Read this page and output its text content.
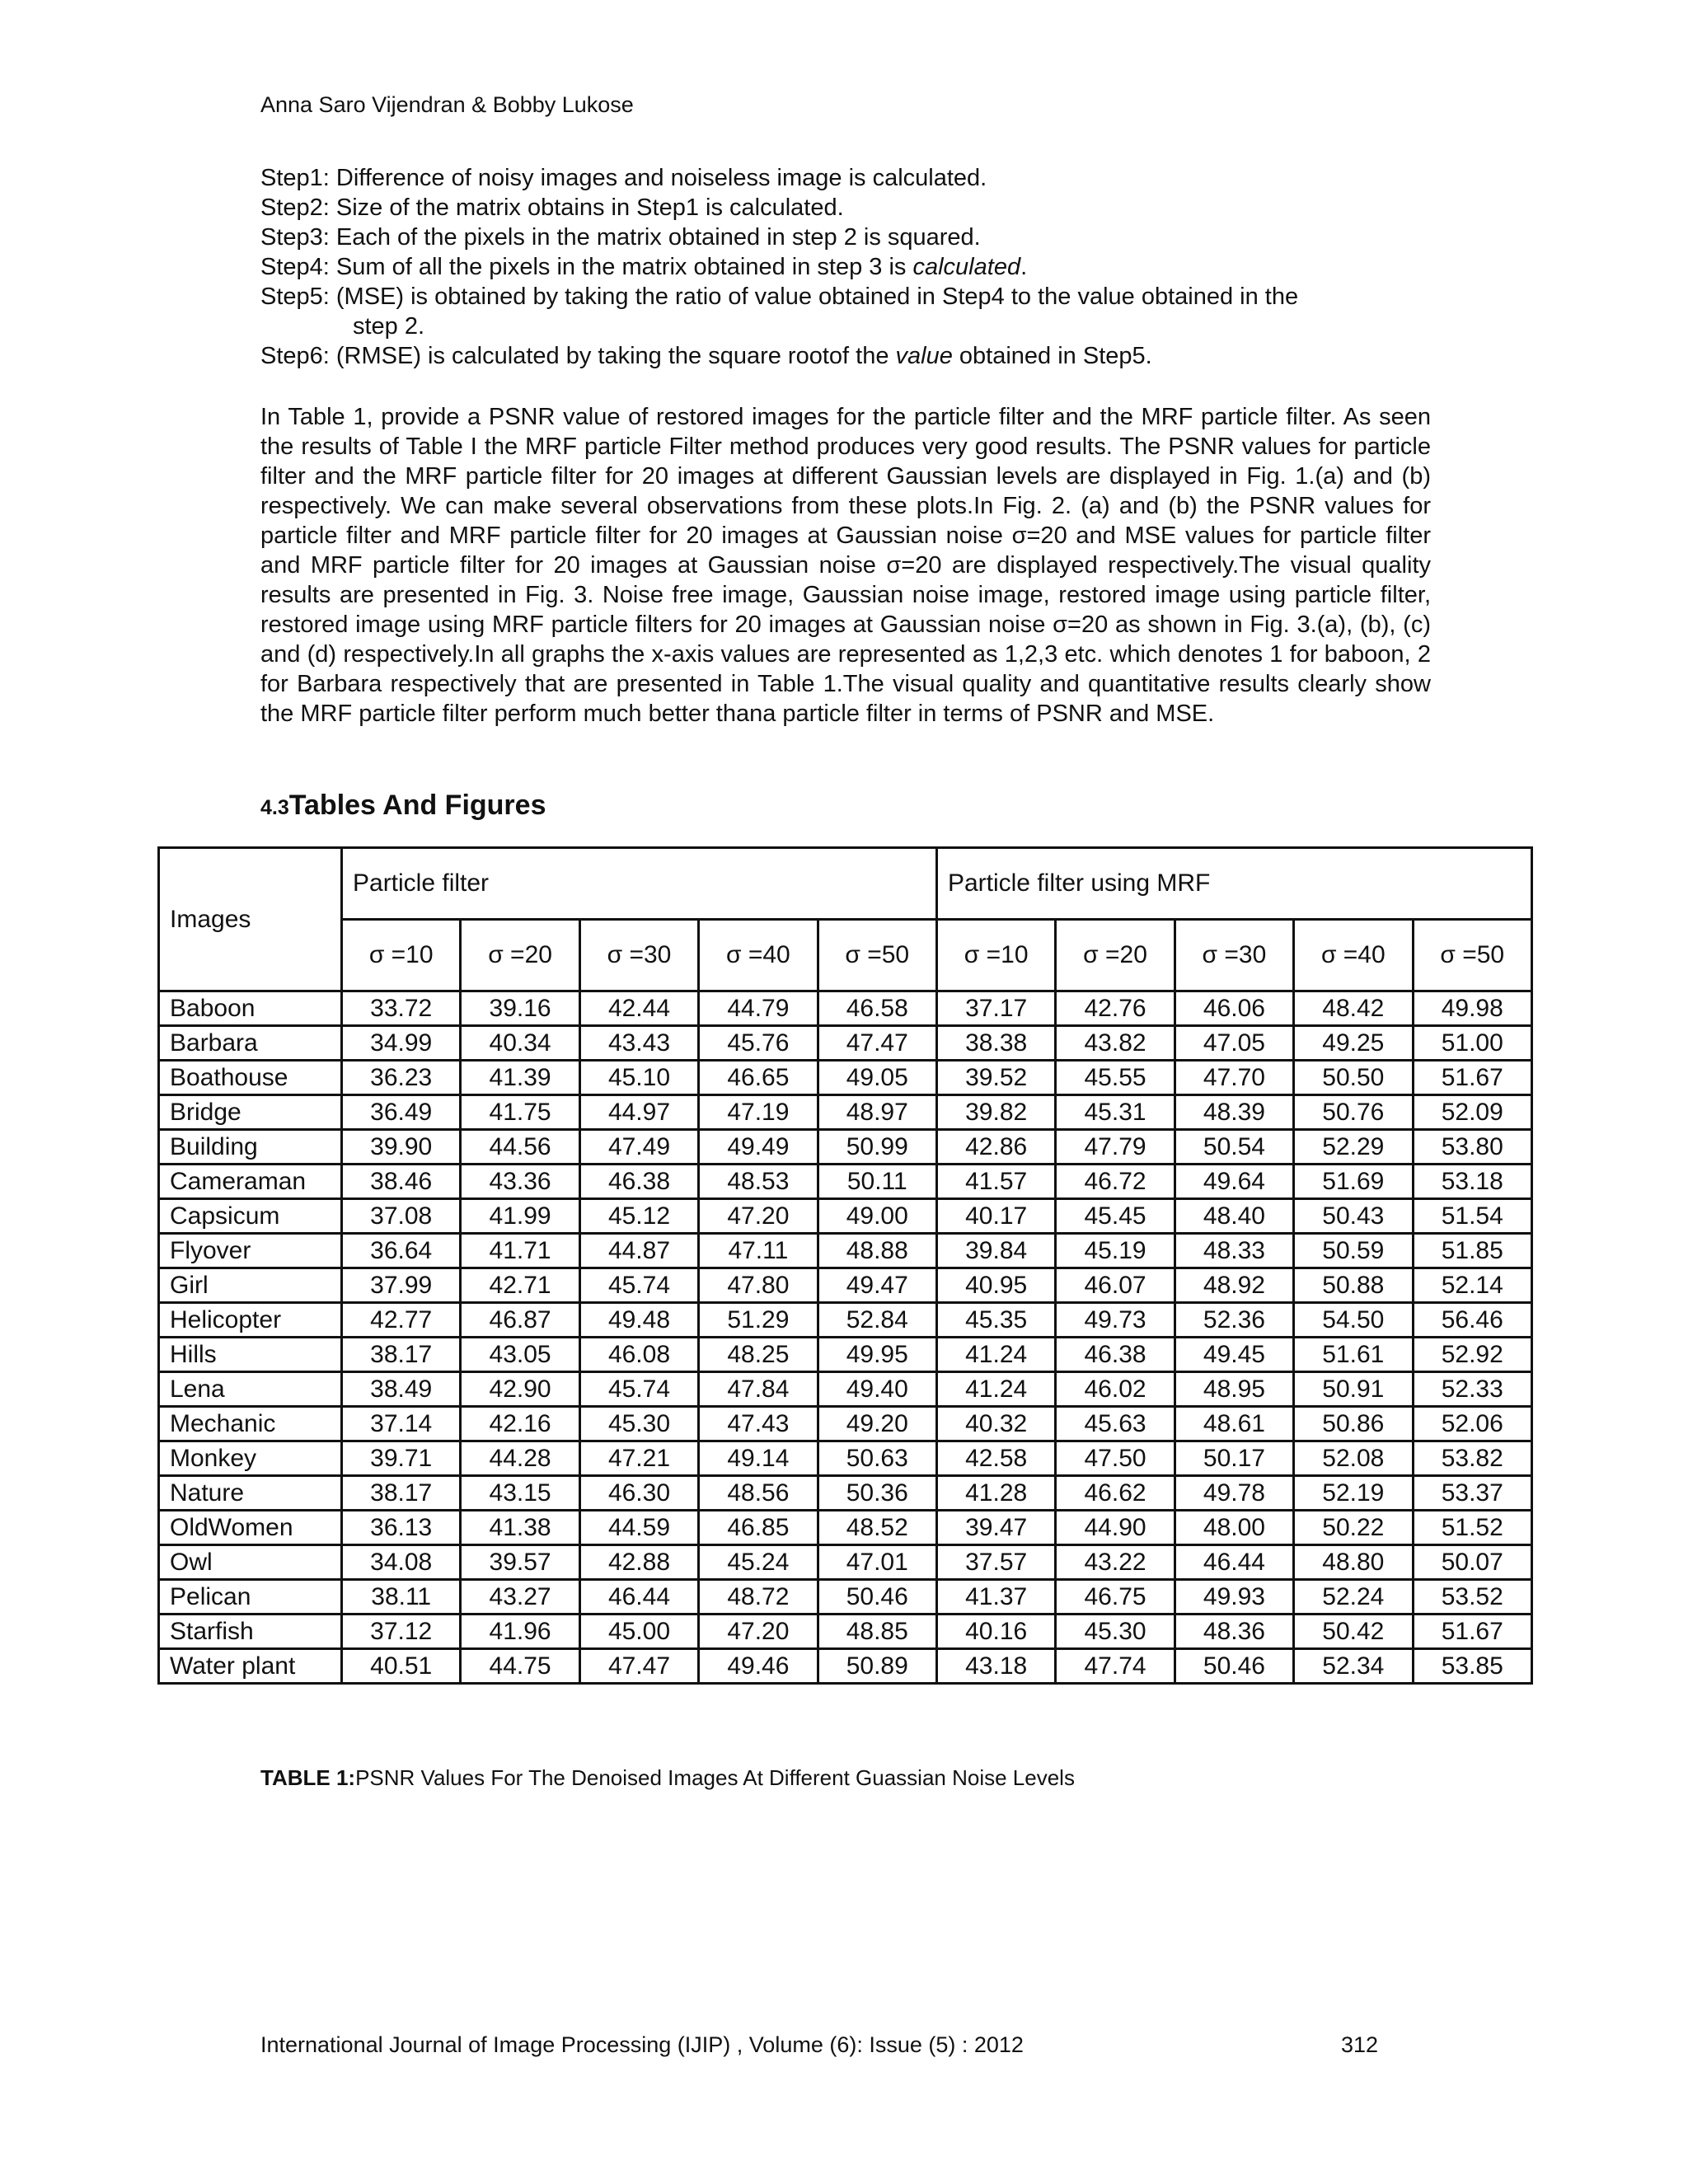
Anna Saro Vijendran & Bobby Lukose
Step1: Difference of noisy images and noiseless image is calculated.
Step2: Size of the matrix obtains in Step1 is calculated.
Step3: Each of the pixels in the matrix obtained in step 2 is squared.
Step4: Sum of all the pixels in the matrix obtained in step 3 is calculated.
Step5: (MSE) is obtained by taking the ratio of value obtained in Step4 to the value obtained in the
step 2.
Step6: (RMSE) is calculated by taking the square rootof the value obtained in Step5.

In Table 1, provide a PSNR value of restored images for the particle filter and the MRF particle filter. As seen the results of Table I the MRF particle Filter method produces very good results. The PSNR values for particle filter and the MRF particle filter for 20 images at different Gaussian levels are displayed in Fig. 1.(a) and (b) respectively. We can make several observations from these plots.In Fig. 2. (a) and (b) the PSNR values for particle filter and MRF particle filter for 20 images at Gaussian noise σ=20 and MSE values for particle filter and MRF particle filter for 20 images at Gaussian noise σ=20 are displayed respectively.The visual quality results are presented in Fig. 3. Noise free image, Gaussian noise image, restored image using particle filter, restored image using MRF particle filters for 20 images at Gaussian noise σ=20 as shown in Fig. 3.(a), (b), (c) and (d) respectively.In all graphs the x-axis values are represented as 1,2,3 etc. which denotes 1 for baboon, 2 for Barbara respectively that are presented in Table 1.The visual quality and quantitative results clearly show the MRF particle filter perform much better thana particle filter in terms of PSNR and MSE.

4.3Tables And Figures
Images	Particle filter					Particle filter using MRF				
	σ =10	σ =20	σ =30	σ =40	σ =50	σ =10	σ =20	σ =30	σ =40	σ =50
Baboon	33.72	39.16	42.44	44.79	46.58	37.17	42.76	46.06	48.42	49.98
Barbara	34.99	40.34	43.43	45.76	47.47	38.38	43.82	47.05	49.25	51.00
Boathouse	36.23	41.39	45.10	46.65	49.05	39.52	45.55	47.70	50.50	51.67
Bridge	36.49	41.75	44.97	47.19	48.97	39.82	45.31	48.39	50.76	52.09
Building	39.90	44.56	47.49	49.49	50.99	42.86	47.79	50.54	52.29	53.80
Cameraman	38.46	43.36	46.38	48.53	50.11	41.57	46.72	49.64	51.69	53.18
Capsicum	37.08	41.99	45.12	47.20	49.00	40.17	45.45	48.40	50.43	51.54
Flyover	36.64	41.71	44.87	47.11	48.88	39.84	45.19	48.33	50.59	51.85
Girl	37.99	42.71	45.74	47.80	49.47	40.95	46.07	48.92	50.88	52.14
Helicopter	42.77	46.87	49.48	51.29	52.84	45.35	49.73	52.36	54.50	56.46
Hills	38.17	43.05	46.08	48.25	49.95	41.24	46.38	49.45	51.61	52.92
Lena	38.49	42.90	45.74	47.84	49.40	41.24	46.02	48.95	50.91	52.33
Mechanic	37.14	42.16	45.30	47.43	49.20	40.32	45.63	48.61	50.86	52.06
Monkey	39.71	44.28	47.21	49.14	50.63	42.58	47.50	50.17	52.08	53.82
Nature	38.17	43.15	46.30	48.56	50.36	41.28	46.62	49.78	52.19	53.37
OldWomen	36.13	41.38	44.59	46.85	48.52	39.47	44.90	48.00	50.22	51.52
Owl	34.08	39.57	42.88	45.24	47.01	37.57	43.22	46.44	48.80	50.07
Pelican	38.11	43.27	46.44	48.72	50.46	41.37	46.75	49.93	52.24	53.52
Starfish	37.12	41.96	45.00	47.20	48.85	40.16	45.30	48.36	50.42	51.67
Water plant	40.51	44.75	47.47	49.46	50.89	43.18	47.74	50.46	52.34	53.85
TABLE 1:PSNR Values For The Denoised Images At Different Guassian Noise Levels
International Journal of Image Processing (IJIP) , Volume (6): Issue (5) : 2012	312
